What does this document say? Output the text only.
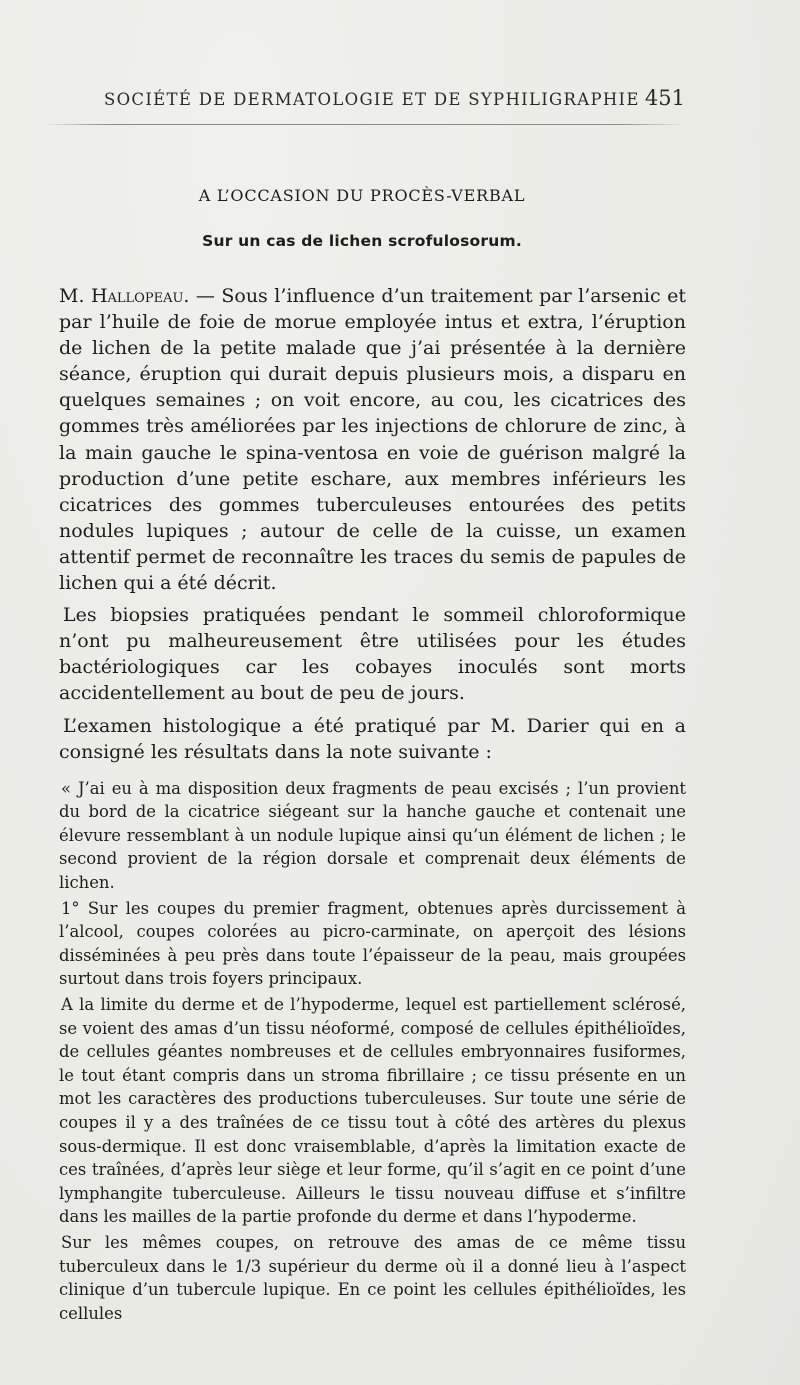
SOCIÉTÉ DE DERMATOLOGIE ET DE SYPHILIGRAPHIE 451
A L’OCCASION DU PROCÈS-VERBAL
Sur un cas de lichen scrofulosorum.

M. Hallopeau. — Sous l’influence d’un traitement par l’arsenic et par l’huile de foie de morue employée intus et extra, l’éruption de lichen de la petite malade que j’ai présentée à la dernière séance, éruption qui durait depuis plusieurs mois, a disparu en quelques semaines ; on voit encore, au cou, les cicatrices des gommes très améliorées par les injections de chlorure de zinc, à la main gauche le spina-ventosa en voie de guérison malgré la production d’une petite eschare, aux membres inférieurs les cicatrices des gommes tuberculeuses entourées des petits nodules lupiques ; autour de celle de la cuisse, un examen attentif permet de reconnaître les traces du semis de papules de lichen qui a été décrit.

Les biopsies pratiquées pendant le sommeil chloroformique n’ont pu malheureusement être utilisées pour les études bactériologiques car les cobayes inoculés sont morts accidentellement au bout de peu de jours.

L’examen histologique a été pratiqué par M. Darier qui en a consigné les résultats dans la note suivante :

« J’ai eu à ma disposition deux fragments de peau excisés ; l’un provient du bord de la cicatrice siégeant sur la hanche gauche et contenait une élevure ressemblant à un nodule lupique ainsi qu’un élément de lichen ; le second provient de la région dorsale et comprenait deux éléments de lichen.

1° Sur les coupes du premier fragment, obtenues après durcissement à l’alcool, coupes colorées au picro-carminate, on aperçoit des lésions disséminées à peu près dans toute l’épaisseur de la peau, mais groupées surtout dans trois foyers principaux.

A la limite du derme et de l’hypoderme, lequel est partiellement sclérosé, se voient des amas d’un tissu néoformé, composé de cellules épithélioïdes, de cellules géantes nombreuses et de cellules embryonnaires fusiformes, le tout étant compris dans un stroma fibrillaire ; ce tissu présente en un mot les caractères des productions tuberculeuses. Sur toute une série de coupes il y a des traînées de ce tissu tout à côté des artères du plexus sous-dermique. Il est donc vraisemblable, d’après la limitation exacte de ces traînées, d’après leur siège et leur forme, qu’il s’agit en ce point d’une lymphangite tuberculeuse. Ailleurs le tissu nouveau diffuse et s’infiltre dans les mailles de la partie profonde du derme et dans l’hypoderme.

Sur les mêmes coupes, on retrouve des amas de ce même tissu tuberculeux dans le 1/3 supérieur du derme où il a donné lieu à l’aspect clinique d’un tubercule lupique. En ce point les cellules épithélioïdes, les cellules
